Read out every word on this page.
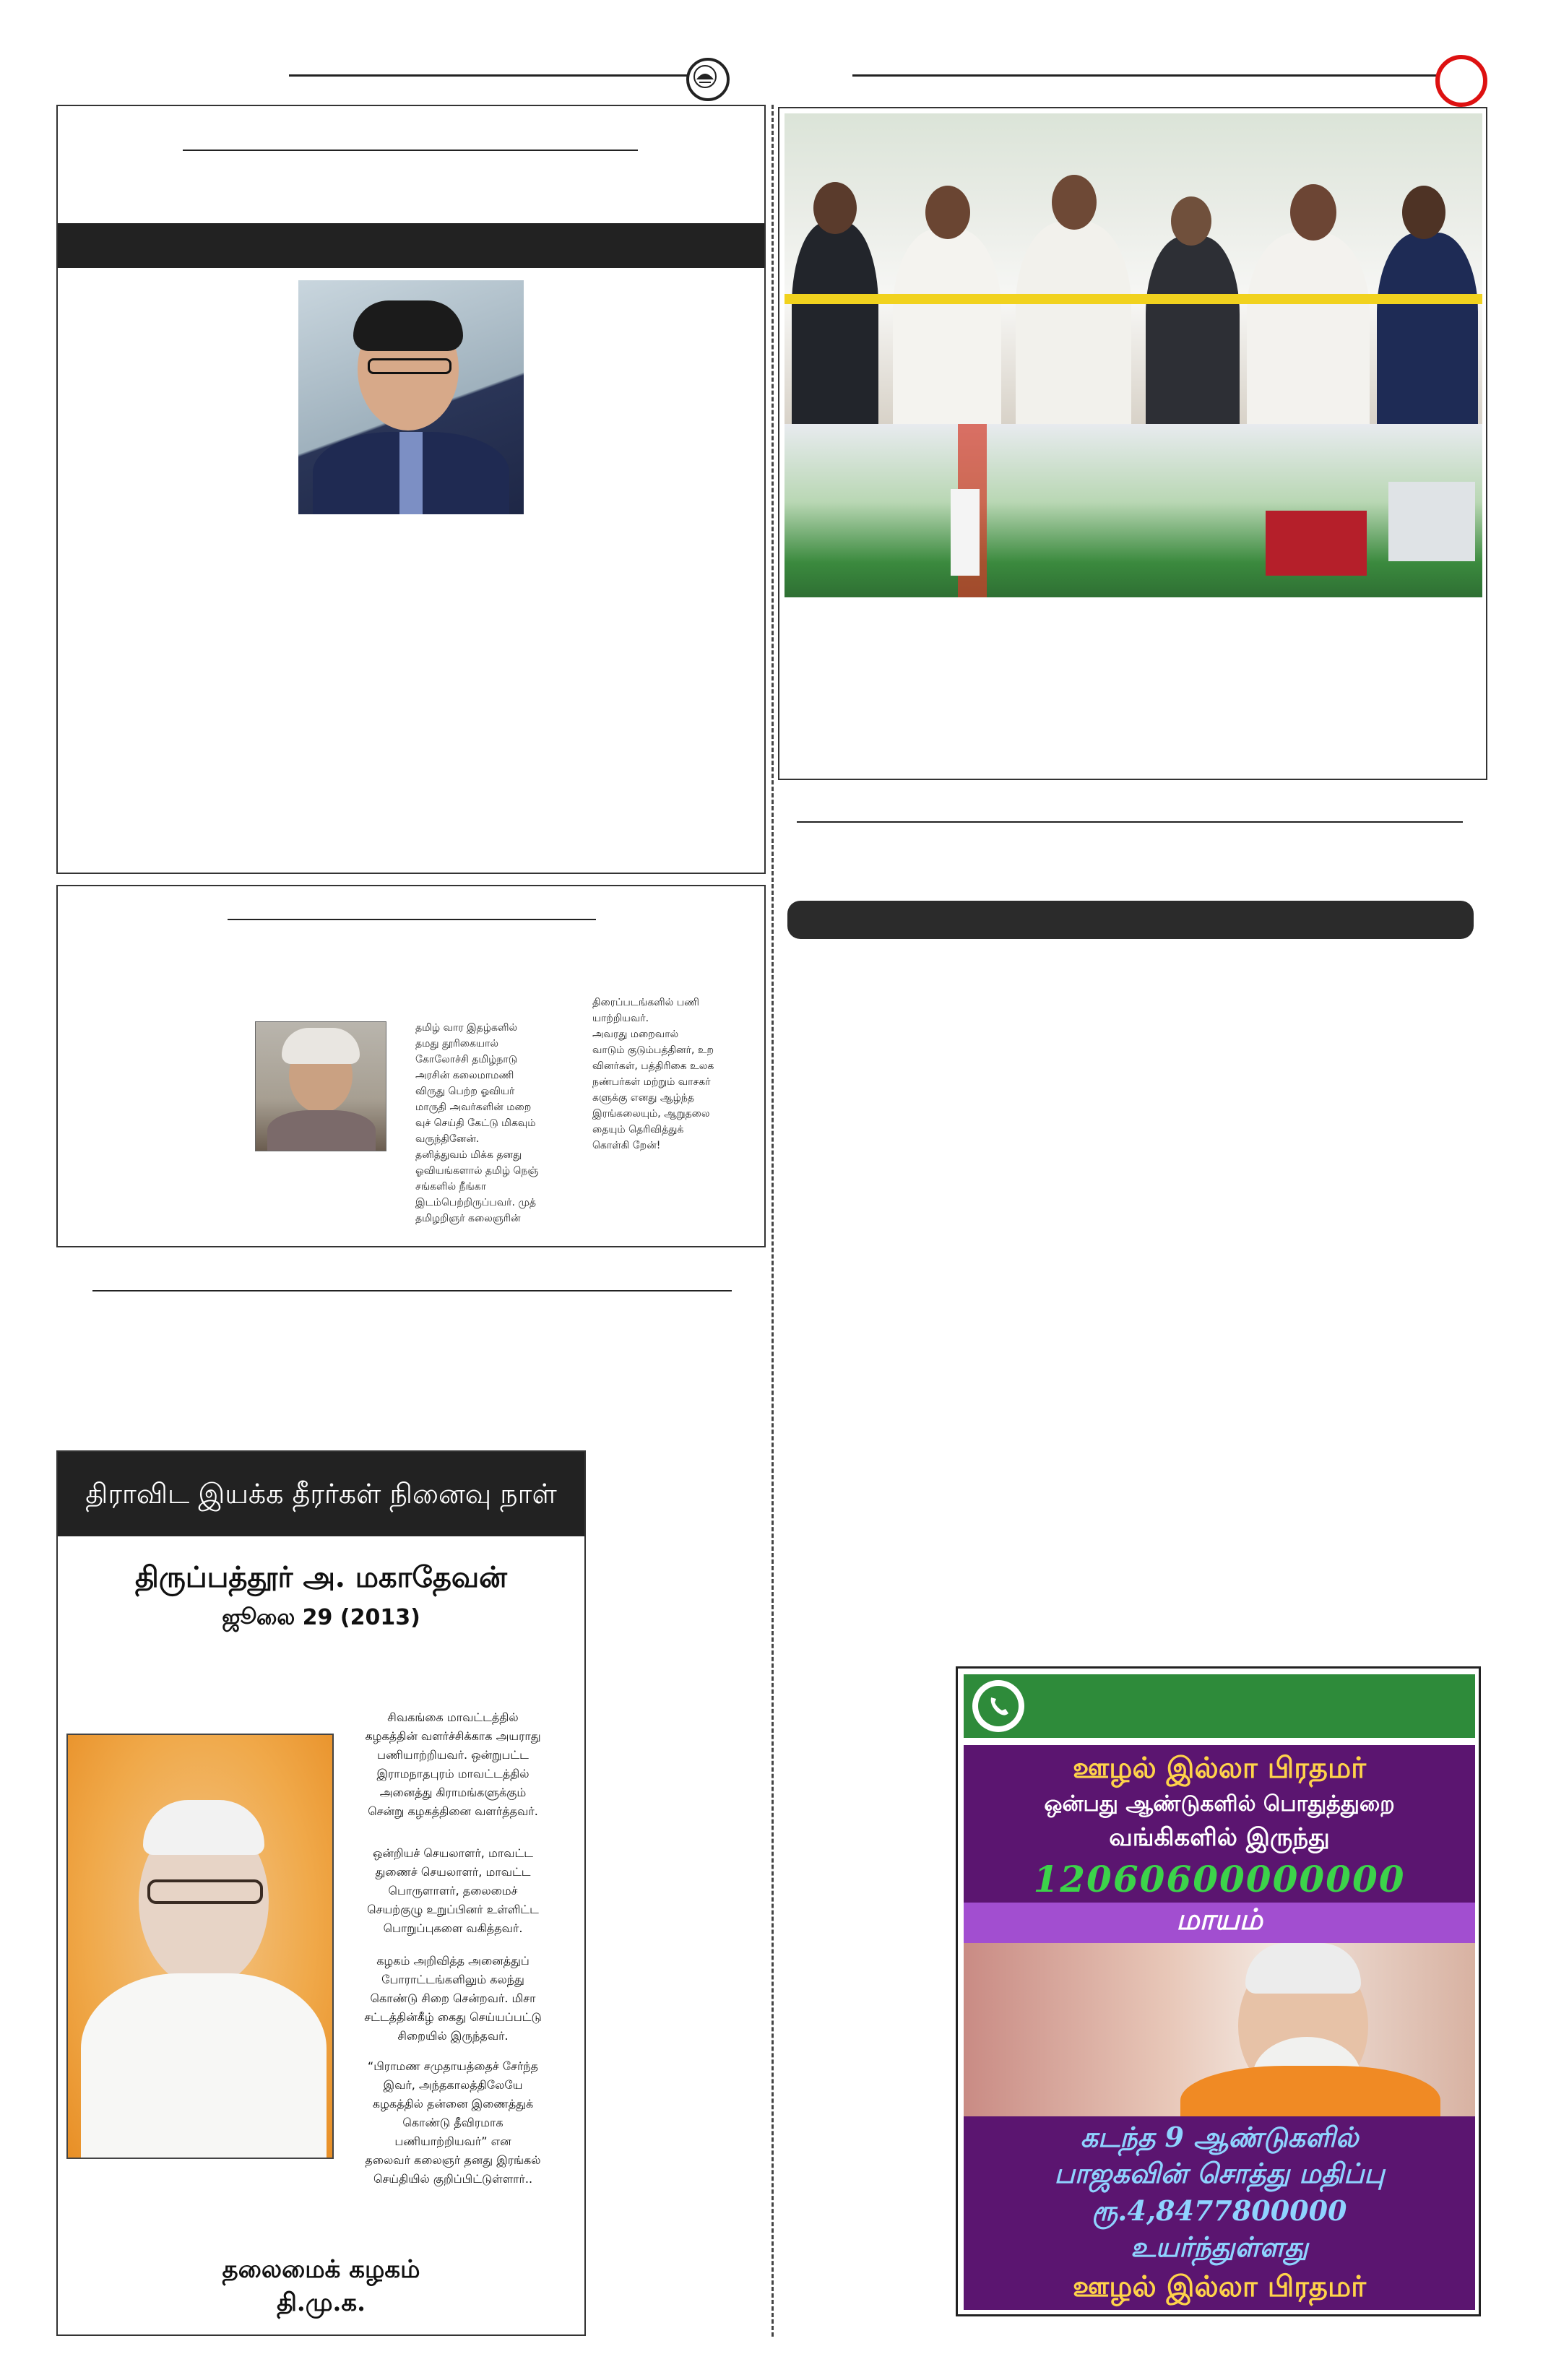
தமிழ் வார இதழ்களில்
தமது தூரிகையால்
கோலோச்சி தமிழ்நாடு
அரசின் கலைமாமணி
விருது பெற்ற ஓவியர்
மாருதி அவர்களின் மறை
வுச் செய்தி கேட்டு மிகவும்
வருந்தினேன்.
தனித்துவம் மிக்க தனது
ஓவியங்களால் தமிழ் நெஞ்
சங்களில் நீங்கா
இடம்பெற்றிருப்பவர். முத்
தமிழறிஞர் கலைஞரின்
திரைப்படங்களில் பணி
யாற்றியவர்.
அவரது மறைவால்
வாடும் குடும்பத்தினர், உற
வினர்கள், பத்திரிகை உலக
நண்பர்கள் மற்றும் வாசகர்
களுக்கு எனது ஆழ்ந்த
இரங்கலையும், ஆறுதலை
தையும் தெரிவித்துக்
கொள்கி றேன்!
திராவிட இயக்க தீரர்கள் நினைவு நாள்
திருப்பத்தூர் அ. மகாதேவன்
ஜூலை 29 (2013)
சிவகங்கை மாவட்டத்தில்
கழகத்தின் வளர்ச்சிக்காக அயராது
பணியாற்றியவர். ஒன்றுபட்ட
இராமநாதபுரம் மாவட்டத்தில்
அனைத்து கிராமங்களுக்கும்
சென்று கழகத்தினை வளர்த்தவர்.
ஒன்றியச் செயலாளர், மாவட்ட
துணைச் செயலாளர், மாவட்ட
பொருளாளர், தலைமைச்
செயற்குழு உறுப்பினர் உள்ளிட்ட
பொறுப்புகளை வகித்தவர்.
கழகம் அறிவித்த அனைத்துப்
போராட்டங்களிலும் கலந்து
கொண்டு சிறை சென்றவர். மிசா
சட்டத்தின்கீழ் கைது செய்யப்பட்டு
சிறையில் இருந்தவர்.
“பிராமண சமுதாயத்தைச் சேர்ந்த
இவர், அந்தகாலத்திலேயே
கழகத்தில் தன்னை இணைத்துக்
கொண்டு தீவிரமாக
பணியாற்றியவர்” என
தலைவர் கலைஞர் தனது இரங்கல்
செய்தியில் குறிப்பிட்டுள்ளார்..
தலைமைக் கழகம்
தி.மு.க.
ஊழல் இல்லா பிரதமர்
ஒன்பது ஆண்டுகளில் பொதுத்துறை
வங்கிகளில் இருந்து
12060600000000
மாயம்
கடந்த 9 ஆண்டுகளில்
பாஜகவின் சொத்து மதிப்பு
ரூ.4,8477800000
உயர்ந்துள்ளது
ஊழல் இல்லா பிரதமர்
